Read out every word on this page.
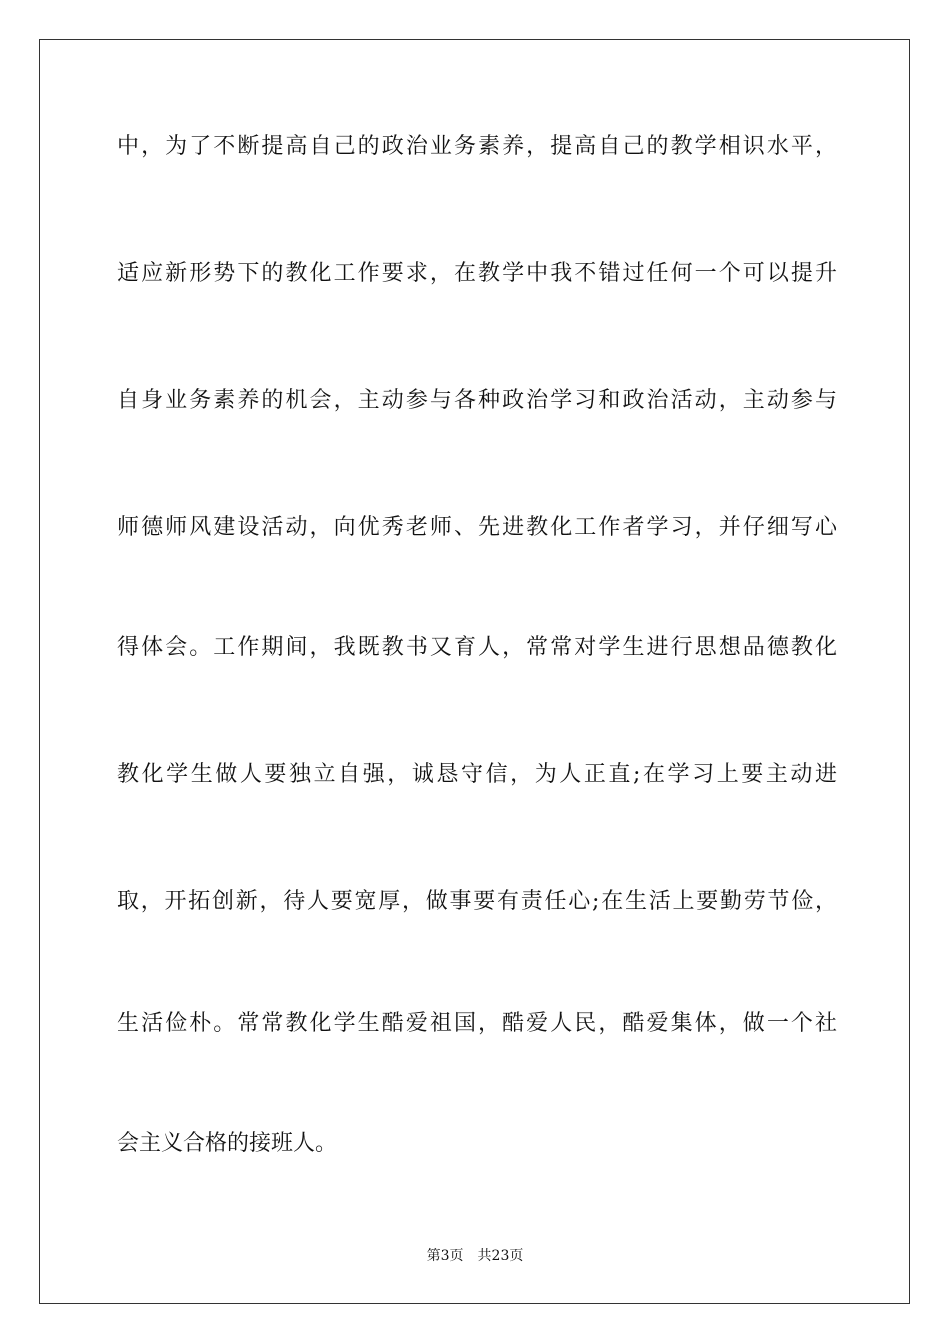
中，为了不断提高自己的政治业务素养，提高自己的教学相识水平，
适应新形势下的教化工作要求，在教学中我不错过任何一个可以提升
自身业务素养的机会，主动参与各种政治学习和政治活动，主动参与
师德师风建设活动，向优秀老师、先进教化工作者学习，并仔细写心
得体会。工作期间，我既教书又育人，常常对学生进行思想品德教化
教化学生做人要独立自强，诚恳守信，为人正直;在学习上要主动进
取，开拓创新，待人要宽厚，做事要有责任心;在生活上要勤劳节俭，
生活俭朴。常常教化学生酷爱祖国，酷爱人民，酷爱集体，做一个社
会主义合格的接班人。
第3页 共23页
